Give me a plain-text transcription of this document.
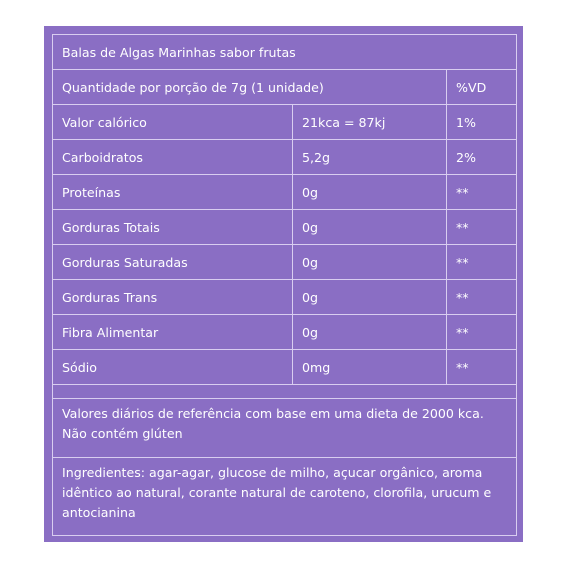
Balas de Algas Marinhas sabor frutas		
Quantidade por porção de 7g (1 unidade)		%VD
Valor calórico	21kca = 87kj	1%
Carboidratos	5,2g	2%
Proteínas	0g	**
Gorduras Totais	0g	**
Gorduras Saturadas	0g	**
Gorduras Trans	0g	**
Fibra Alimentar	0g	**
Sódio	0mg	**

Valores diários de referência com base em uma dieta de 2000 kca.
Não contém glúten		

Ingredientes: agar-agar, glucose de milho, açucar orgânico, aroma idêntico ao natural, corante natural de caroteno, clorofila, urucum e antocianina		
